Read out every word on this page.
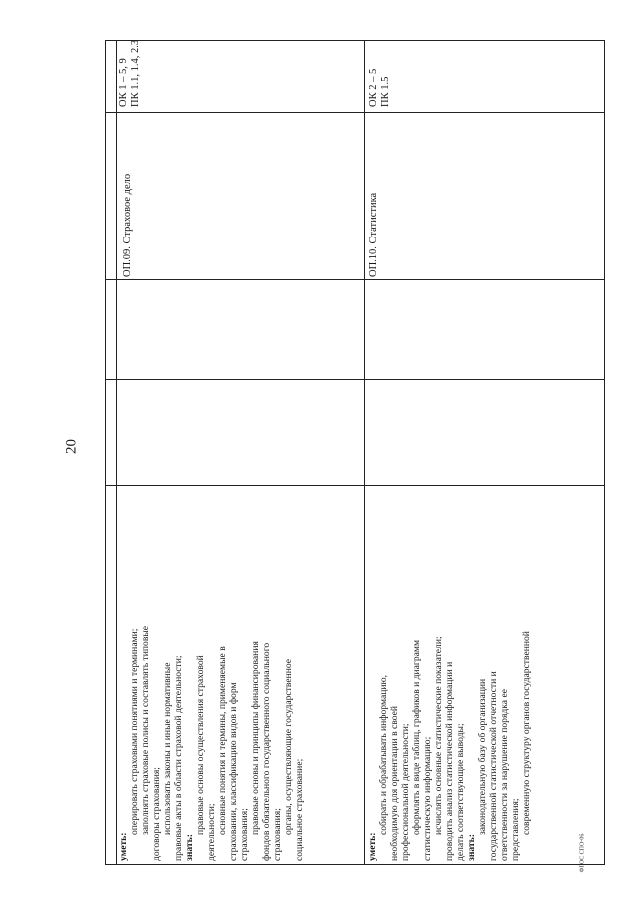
20
ФГОС СПО-06
уметь:
оперировать страховыми понятиями и терминами; заполнять страховые полисы и составлять типовые договоры страхования; использовать законы и иные нормативные правовые акты в области страховой деятельности; знать:
правовые основы осуществления страховой деятельности; основные понятия и термины, применяемые в страховании, классификацию видов и форм страхования; правовые основы и принципы финансирования фондов обязательного государственного социального страхования; органы, осуществляющие государственное социальное страхование;
ОП.09. Страховое дело
ОК 1 – 5, 9 ПК 1.1, 1.4, 2.3
уметь:
собирать и обрабатывать информацию, необходимую для ориентации в своей профессиональной деятельности; оформлять в виде таблиц, графиков и диаграмм статистическую информацию; исчислять основные статистические показатели; проводить анализ статистической информации и делать соответствующие выводы; знать:
законодательную базу об организации государственной статистической отчетности и ответственности за нарушение порядка ее представления; современную структуру органов государственной
ОП.10. Статистика
ОК 2 – 5 ПК 1.5
